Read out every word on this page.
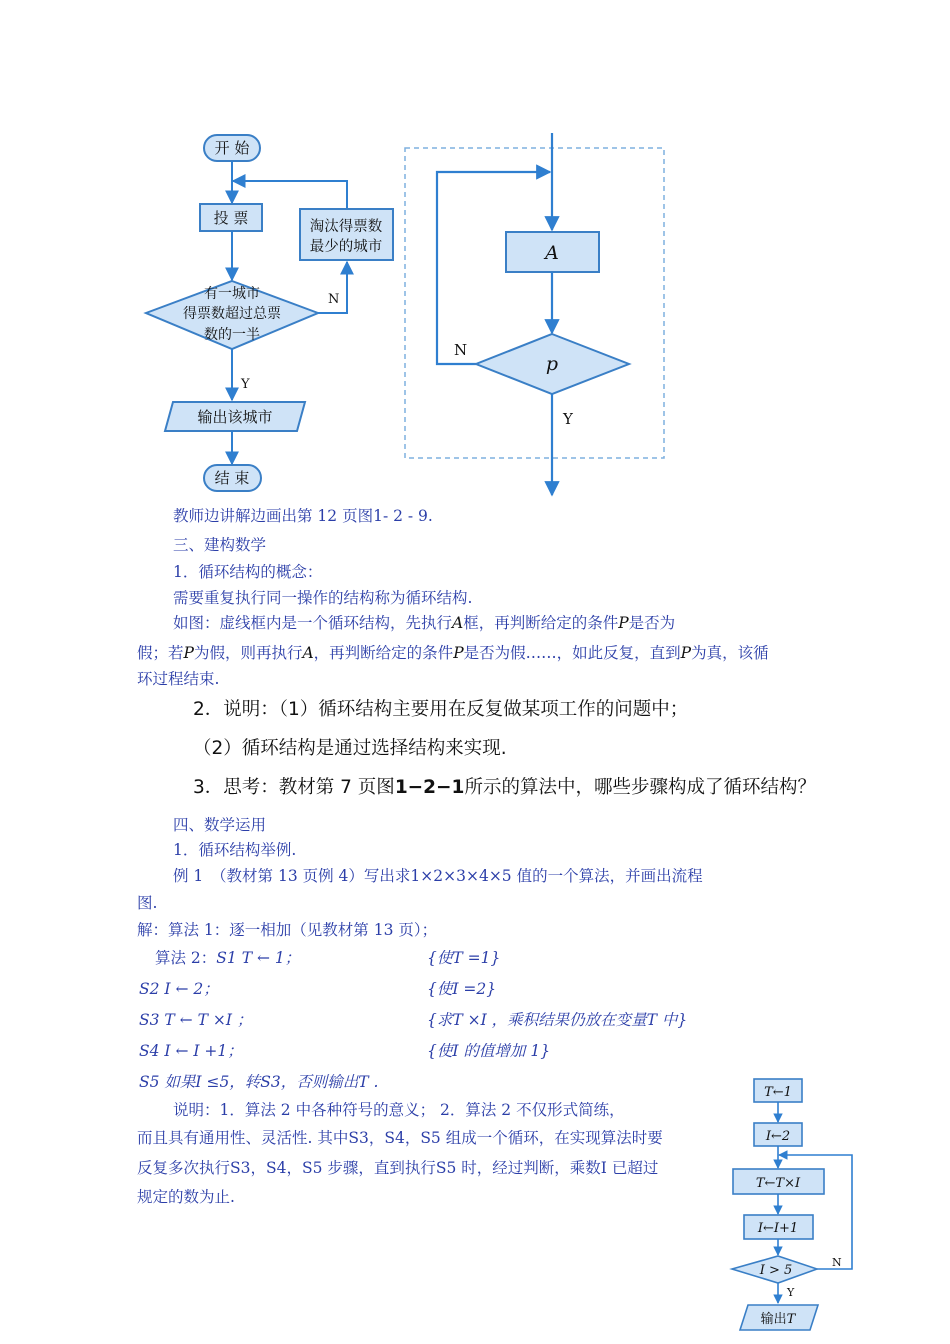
开 始
投 票	淘汰得票数
最少的城市
有一城市
得票数超过总票
数的一半
N
Y
输出该城市
结 束
A
p
N
Y
T←1
I←2
T←T×I
I←I+1
I > 5
N
Y
输出T
教师边讲解边画出第 12 页图1- 2 - 9.
三、建构数学
1．循环结构的概念：
需要重复执行同一操作的结构称为循环结构.
如图：虚线框内是一个循环结构，先执行A框，再判断给定的条件P是否为
假；若P为假，则再执行A，再判断给定的条件P是否为假……，如此反复，直到P为真，该循
环过程结束.
2．说明：（1）循环结构主要用在反复做某项工作的问题中；
（2）循环结构是通过选择结构来实现.
3．思考：教材第 7 页图1−2−1所示的算法中，哪些步骤构成了循环结构？
四、数学运用
1．循环结构举例.
例 1　（教材第 13 页例 4）写出求1×2×3×4×5 值的一个算法，并画出流程
图.
解：算法 1：逐一相加（见教材第 13 页）；
算法 2：S1 T ← 1；	{使T =1}
S2 I ← 2；	{使I =2}
S3 T ← T ×I ；	{求T ×I ，乘积结果仍放在变量T 中}
S4 I ← I +1；	{使I 的值增加 1}
S5 如果I ≤5，转S3，否则输出T .
说明：1．算法 2 中各种符号的意义； 2．算法 2 不仅形式简练，
而且具有通用性、灵活性. 其中S3，S4，S5 组成一个循环，在实现算法时要
反复多次执行S3，S4，S5 步骤，直到执行S5 时，经过判断，乘数I 已超过
规定的数为止.
